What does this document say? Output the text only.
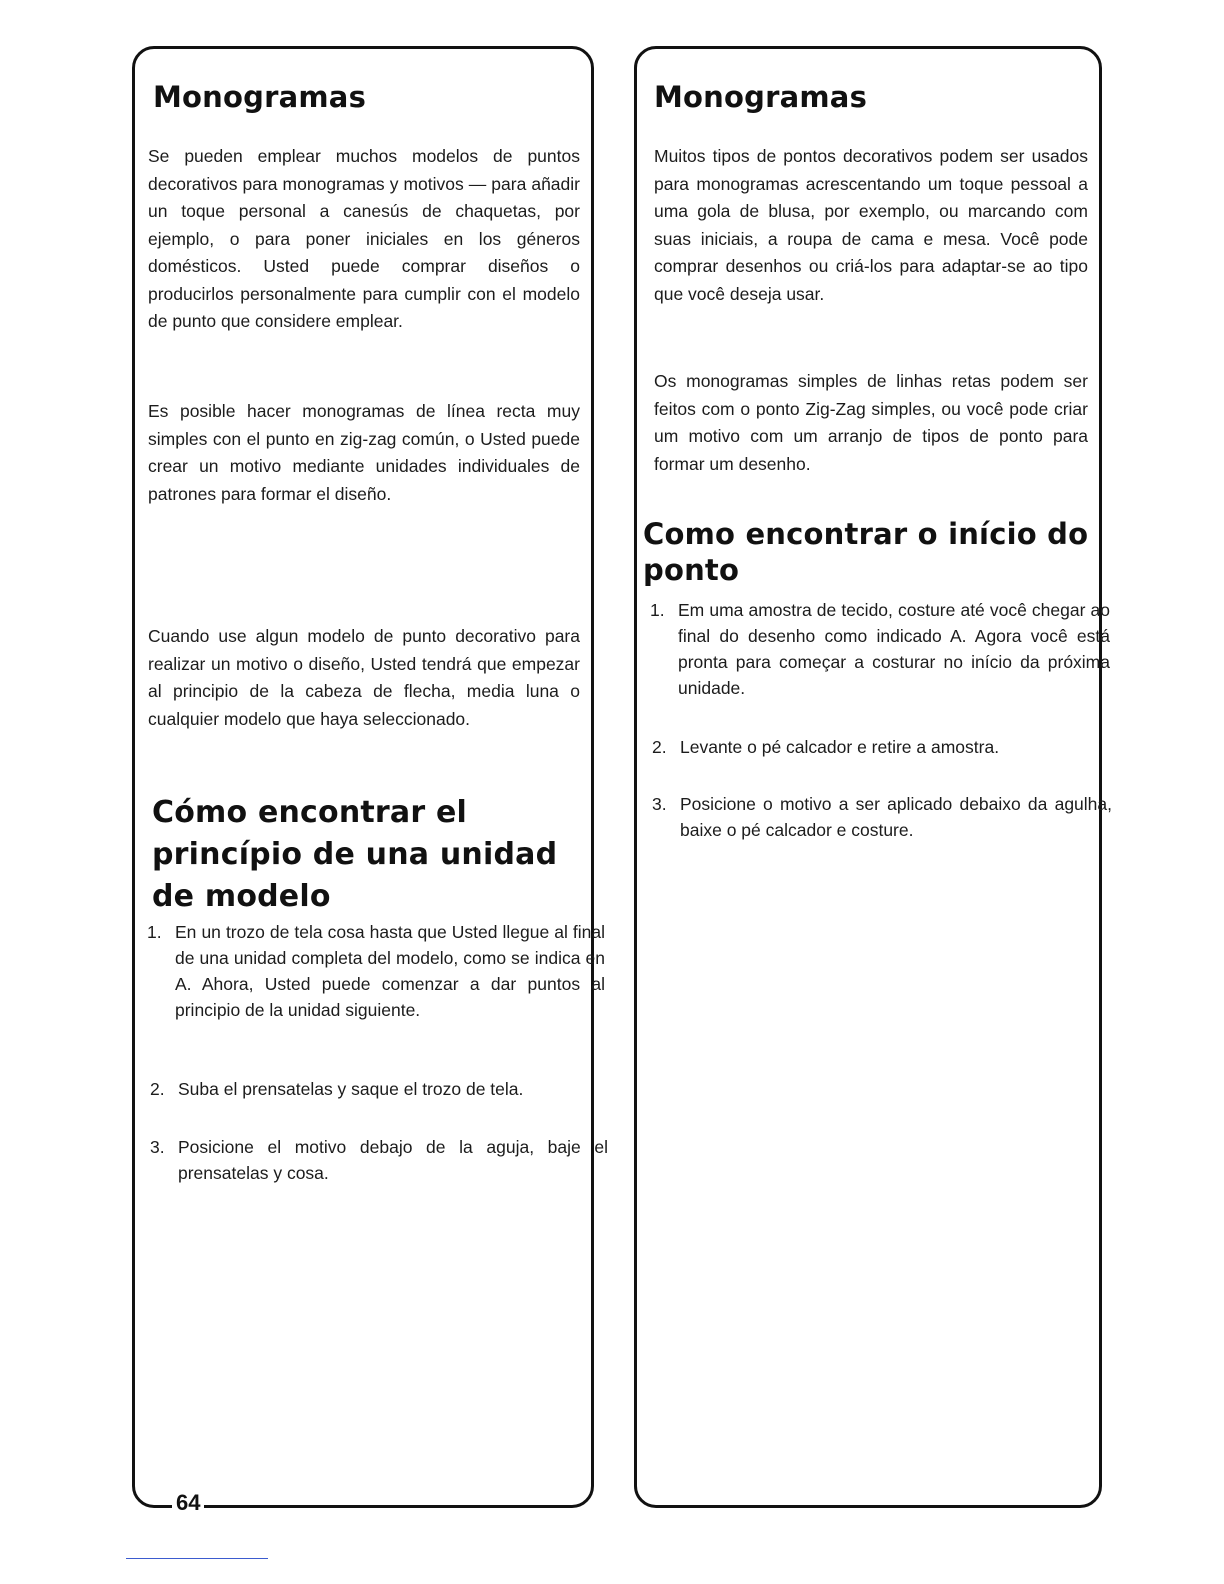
Monogramas

Se pueden emplear muchos modelos de puntos decorativos para monogramas y motivos — para añadir un toque personal a canesús de chaquetas, por ejemplo, o para poner iniciales en los géneros domésticos. Usted puede comprar diseños o producirlos personalmente para cumplir con el modelo de punto que considere emplear.

Es posible hacer monogramas de línea recta muy simples con el punto en zig-zag común, o Usted puede crear un motivo mediante unidades individuales de patrones para formar el diseño.

Cuando use algun modelo de punto decorativo para realizar un motivo o diseño, Usted tendrá que empezar al principio de la cabeza de flecha, media luna o cualquier modelo que haya seleccionado.

Cómo encontrar el princípio de una unidad de modelo
1. En un trozo de tela cosa hasta que Usted llegue al final de una unidad completa del modelo, como se indica en A. Ahora, Usted puede comenzar a dar puntos al principio de la unidad siguiente.
2. Suba el prensatelas y saque el trozo de tela.
3. Posicione el motivo debajo de la aguja, baje el prensatelas y cosa.
Monogramas

Muitos tipos de pontos decorativos podem ser usados para monogramas acrescentando um toque pessoal a uma gola de blusa, por exemplo, ou marcando com suas iniciais, a roupa de cama e mesa. Você pode comprar desenhos ou criá-los para adaptar-se ao tipo que você deseja usar.

Os monogramas simples de linhas retas podem ser feitos com o ponto Zig-Zag simples, ou você pode criar um motivo com um arranjo de tipos de ponto para formar um desenho.

Como encontrar o início do ponto
1. Em uma amostra de tecido, costure até você chegar ao final do desenho como indicado A. Agora você está pronta para começar a costurar no início da próxima unidade.
2. Levante o pé calcador e retire a amostra.
3. Posicione o motivo a ser aplicado debaixo da agulha, baixe o pé calcador e costure.
64
